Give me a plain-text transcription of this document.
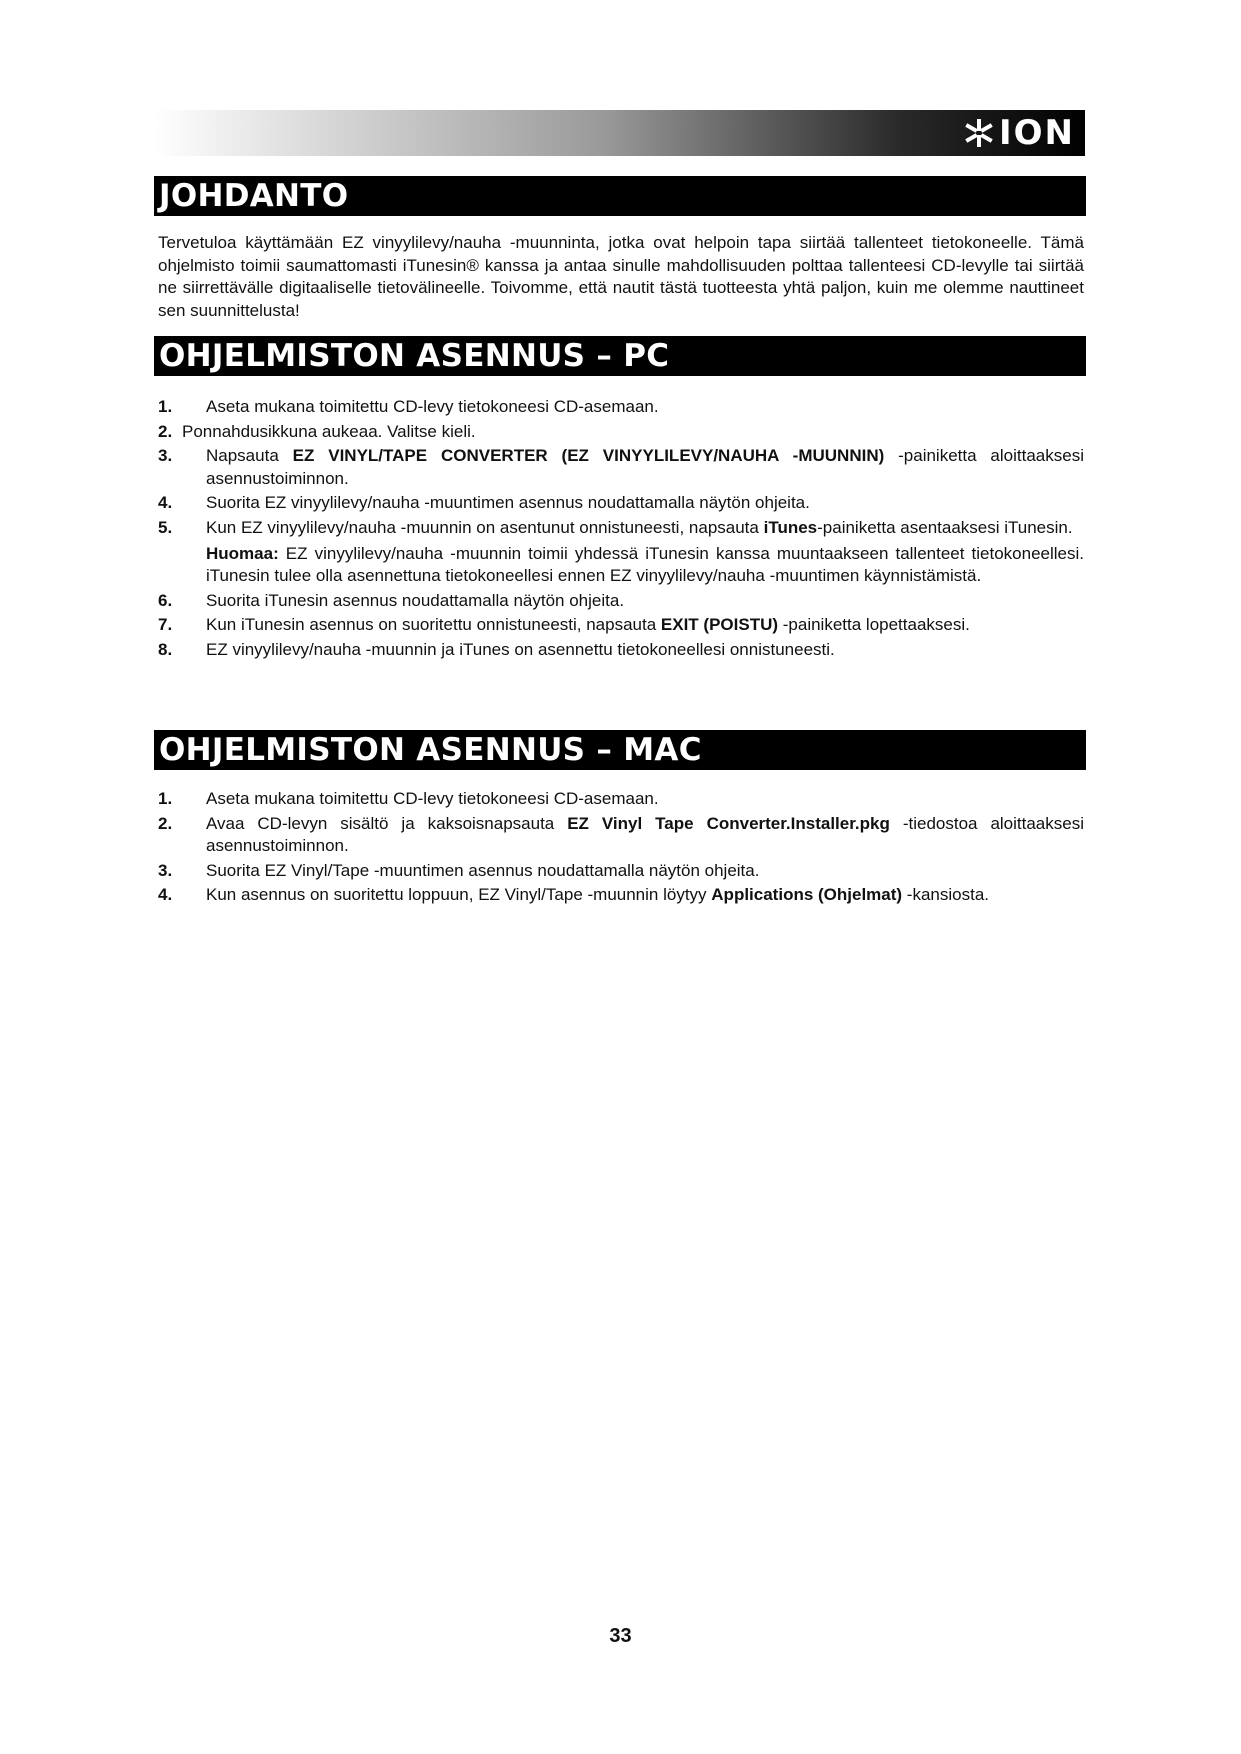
ION
JOHDANTO

Tervetuloa käyttämään EZ vinyylilevy/nauha -muunninta, jotka ovat helpoin tapa siirtää tallenteet tietokoneelle. Tämä ohjelmisto toimii saumattomasti iTunesin® kanssa ja antaa sinulle mahdollisuuden polttaa tallenteesi CD-levylle tai siirtää ne siirrettävälle digitaaliselle tietovälineelle. Toivomme, että nautit tästä tuotteesta yhtä paljon, kuin me olemme nauttineet sen suunnittelusta!

OHJELMISTON ASENNUS – PC
1. Aseta mukana toimitettu CD-levy tietokoneesi CD-asemaan.
2. Ponnahdusikkuna aukeaa. Valitse kieli.
3. Napsauta EZ VINYL/TAPE CONVERTER (EZ VINYYLILEVY/NAUHA -MUUNNIN) -painiketta aloittaaksesi asennustoiminnon.
4. Suorita EZ vinyylilevy/nauha -muuntimen asennus noudattamalla näytön ohjeita.
5. Kun EZ vinyylilevy/nauha -muunnin on asentunut onnistuneesti, napsauta iTunes-painiketta asentaaksesi iTunesin.
Huomaa: EZ vinyylilevy/nauha -muunnin toimii yhdessä iTunesin kanssa muuntaakseen tallenteet tietokoneellesi. iTunesin tulee olla asennettuna tietokoneellesi ennen EZ vinyylilevy/nauha -muuntimen käynnistämistä.
6. Suorita iTunesin asennus noudattamalla näytön ohjeita.
7. Kun iTunesin asennus on suoritettu onnistuneesti, napsauta EXIT (POISTU) -painiketta lopettaaksesi.
8. EZ vinyylilevy/nauha -muunnin ja iTunes on asennettu tietokoneellesi onnistuneesti.
OHJELMISTON ASENNUS – MAC
1. Aseta mukana toimitettu CD-levy tietokoneesi CD-asemaan.
2. Avaa CD-levyn sisältö ja kaksoisnapsauta EZ Vinyl Tape Converter.Installer.pkg -tiedostoa aloittaaksesi asennustoiminnon.
3. Suorita EZ Vinyl/Tape -muuntimen asennus noudattamalla näytön ohjeita.
4. Kun asennus on suoritettu loppuun, EZ Vinyl/Tape -muunnin löytyy Applications (Ohjelmat) -kansiosta.
33
